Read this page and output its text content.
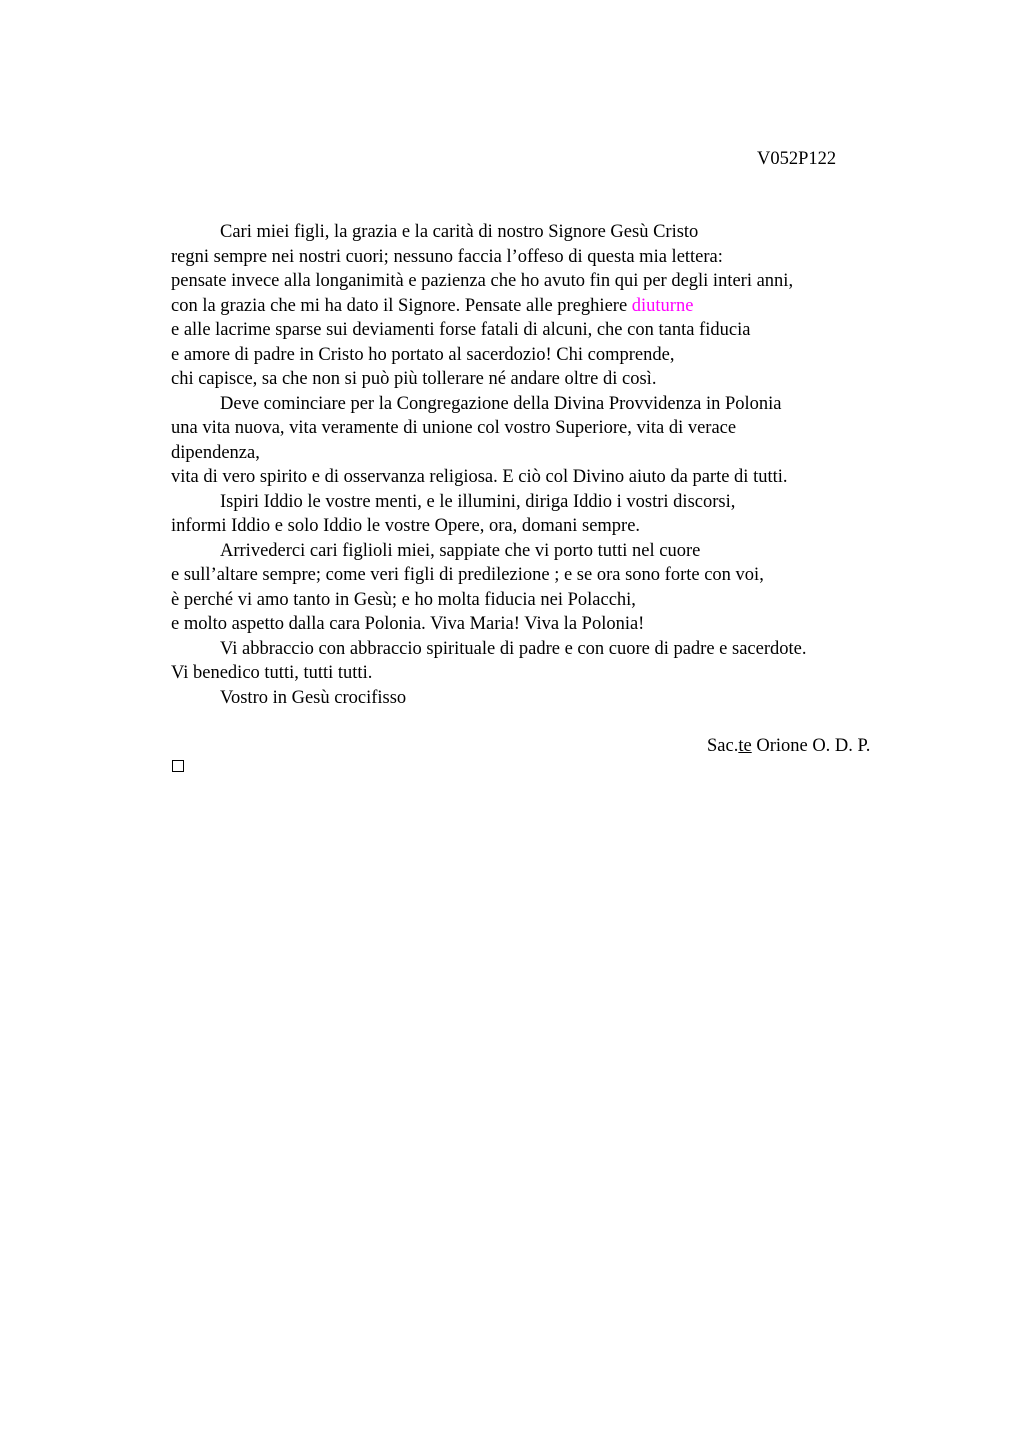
V052P122
Cari miei figli, la grazia e la carità di nostro Signore Gesù Cristo
regni sempre nei nostri cuori; nessuno faccia l’offeso di questa mia lettera:
pensate invece alla longanimità e pazienza che ho avuto fin qui per degli interi anni,
con la grazia che mi ha dato il Signore. Pensate alle preghiere diuturne
e alle lacrime sparse sui deviamenti forse fatali di alcuni, che con tanta fiducia
e amore di padre in Cristo ho portato al sacerdozio! Chi comprende,
chi capisce, sa che non si può più tollerare né andare oltre di così.
Deve cominciare per la Congregazione della Divina Provvidenza in Polonia
una vita nuova, vita veramente di unione col vostro Superiore, vita di verace
dipendenza,
vita di vero spirito e di osservanza religiosa. E ciò col Divino aiuto da parte di tutti.
Ispiri Iddio le vostre menti, e le illumini, diriga Iddio i vostri discorsi,
informi Iddio e solo Iddio le vostre Opere, ora, domani sempre.
Arrivederci cari figlioli miei, sappiate che vi porto tutti nel cuore
e sull’altare sempre; come veri figli di predilezione ; e se ora sono forte con voi,
è perché vi amo tanto in Gesù; e ho molta fiducia nei Polacchi,
e molto aspetto dalla cara Polonia. Viva Maria! Viva la Polonia!
Vi abbraccio con abbraccio spirituale di padre e con cuore di padre e sacerdote.
Vi benedico tutti, tutti tutti.
Vostro in Gesù crocifisso
Sac.te Orione O. D. P.
